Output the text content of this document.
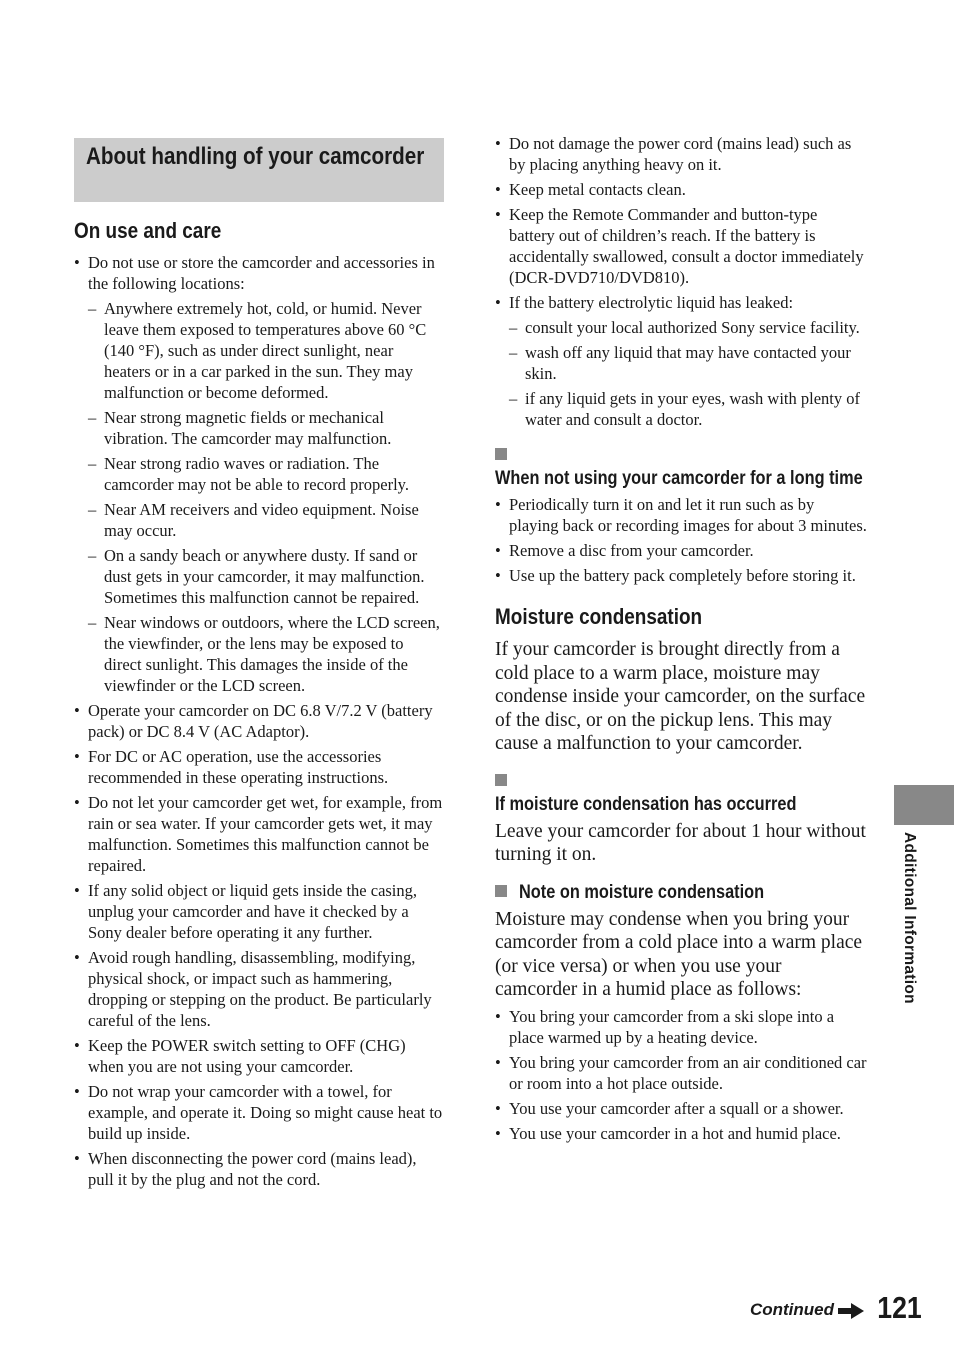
About handling of your camcorder
On use and care
• Do not use or store the camcorder and accessories in the following locations:
– Anywhere extremely hot, cold, or humid. Never leave them exposed to temperatures above 60 °C (140 °F), such as under direct sunlight, near heaters or in a car parked in the sun. They may malfunction or become deformed.
– Near strong magnetic fields or mechanical vibration. The camcorder may malfunction.
– Near strong radio waves or radiation. The camcorder may not be able to record properly.
– Near AM receivers and video equipment. Noise may occur.
– On a sandy beach or anywhere dusty. If sand or dust gets in your camcorder, it may malfunction. Sometimes this malfunction cannot be repaired.
– Near windows or outdoors, where the LCD screen, the viewfinder, or the lens may be exposed to direct sunlight. This damages the inside of the viewfinder or the LCD screen.
• Operate your camcorder on DC 6.8 V/7.2 V (battery pack) or DC 8.4 V (AC Adaptor).
• For DC or AC operation, use the accessories recommended in these operating instructions.
• Do not let your camcorder get wet, for example, from rain or sea water. If your camcorder gets wet, it may malfunction. Sometimes this malfunction cannot be repaired.
• If any solid object or liquid gets inside the casing, unplug your camcorder and have it checked by a Sony dealer before operating it any further.
• Avoid rough handling, disassembling, modifying, physical shock, or impact such as hammering, dropping or stepping on the product. Be particularly careful of the lens.
• Keep the POWER switch setting to OFF (CHG) when you are not using your camcorder.
• Do not wrap your camcorder with a towel, for example, and operate it. Doing so might cause heat to build up inside.
• When disconnecting the power cord (mains lead), pull it by the plug and not the cord.
• Do not damage the power cord (mains lead) such as by placing anything heavy on it.
• Keep metal contacts clean.
• Keep the Remote Commander and button-type battery out of children’s reach. If the battery is accidentally swallowed, consult a doctor immediately (DCR-DVD710/DVD810).
• If the battery electrolytic liquid has leaked:
– consult your local authorized Sony service facility.
– wash off any liquid that may have contacted your skin.
– if any liquid gets in your eyes, wash with plenty of water and consult a doctor.
When not using your camcorder for a long time
• Periodically turn it on and let it run such as by playing back or recording images for about 3 minutes.
• Remove a disc from your camcorder.
• Use up the battery pack completely before storing it.
Moisture condensation

If your camcorder is brought directly from a cold place to a warm place, moisture may condense inside your camcorder, on the surface of the disc, or on the pickup lens. This may cause a malfunction to your camcorder.

If moisture condensation has occurred

Leave your camcorder for about 1 hour without turning it on.

Note on moisture condensation

Moisture may condense when you bring your camcorder from a cold place into a warm place (or vice versa) or when you use your camcorder in a humid place as follows:

• You bring your camcorder from a ski slope into a place warmed up by a heating device.
• You bring your camcorder from an air conditioned car or room into a hot place outside.
• You use your camcorder after a squall or a shower.
• You use your camcorder in a hot and humid place.
Additional Information
Continued 121
